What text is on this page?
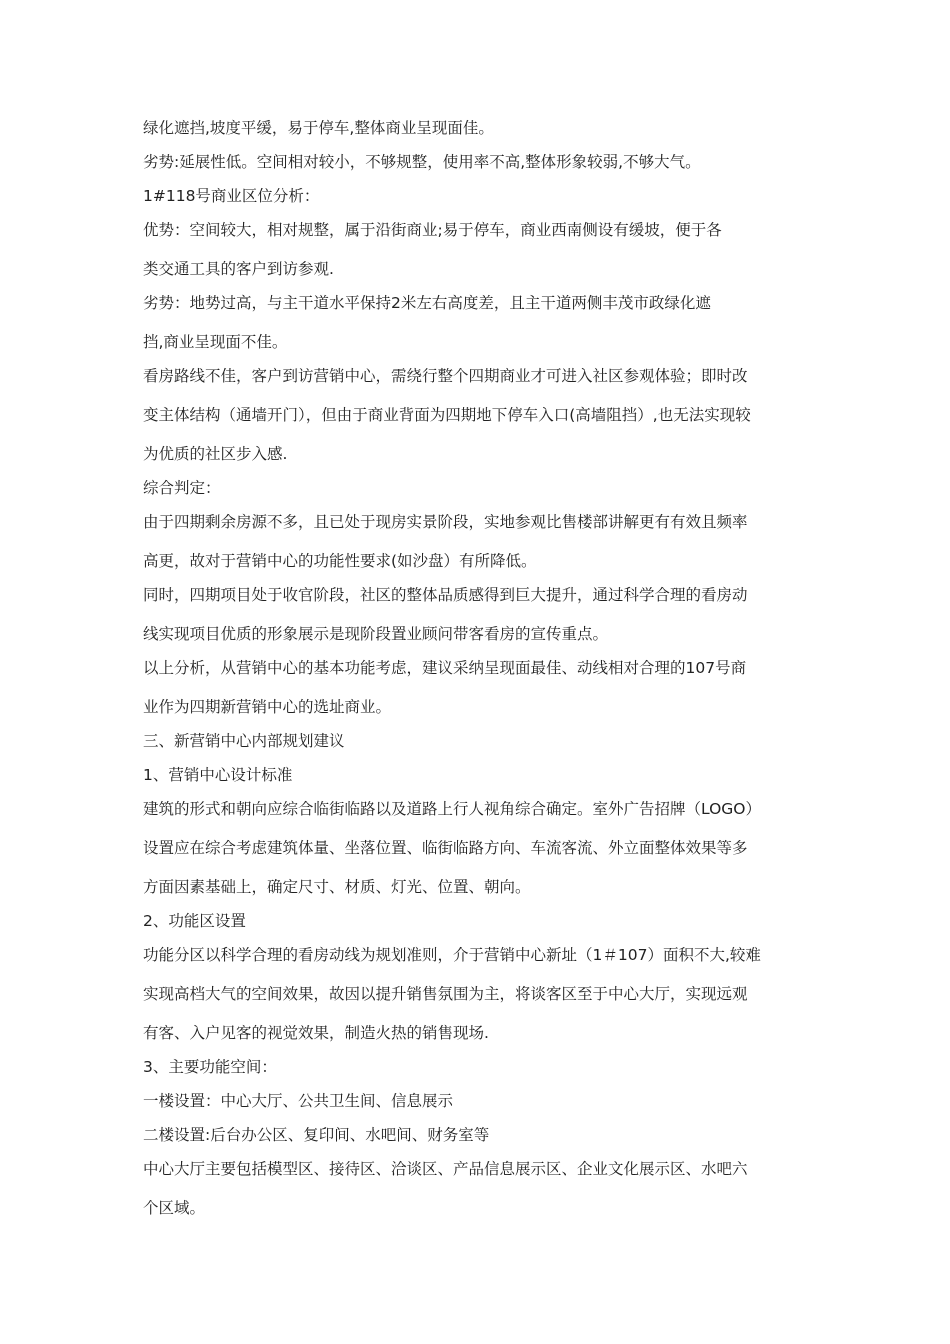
绿化遮挡,坡度平缓，易于停车,整体商业呈现面佳。
劣势:延展性低。空间相对较小，不够规整，使用率不高,整体形象较弱,不够大气。
1#118号商业区位分析：
优势：空间较大，相对规整，属于沿街商业;易于停车，商业西南侧设有缓坡，便于各
类交通工具的客户到访参观.
劣势：地势过高，与主干道水平保持2米左右高度差，且主干道两侧丰茂市政绿化遮
挡,商业呈现面不佳。
看房路线不佳，客户到访营销中心，需绕行整个四期商业才可进入社区参观体验；即时改
变主体结构（通墙开门），但由于商业背面为四期地下停车入口(高墙阻挡）,也无法实现较
为优质的社区步入感.
综合判定：
由于四期剩余房源不多，且已处于现房实景阶段，实地参观比售楼部讲解更有有效且频率
高更，故对于营销中心的功能性要求(如沙盘）有所降低。
同时，四期项目处于收官阶段，社区的整体品质感得到巨大提升，通过科学合理的看房动
线实现项目优质的形象展示是现阶段置业顾问带客看房的宣传重点。
以上分析，从营销中心的基本功能考虑，建议采纳呈现面最佳、动线相对合理的107号商
业作为四期新营销中心的选址商业。
三、新营销中心内部规划建议
1、营销中心设计标准
建筑的形式和朝向应综合临街临路以及道路上行人视角综合确定。室外广告招牌（LOGO）
设置应在综合考虑建筑体量、坐落位置、临街临路方向、车流客流、外立面整体效果等多
方面因素基础上，确定尺寸、材质、灯光、位置、朝向。
2、功能区设置
功能分区以科学合理的看房动线为规划准则，介于营销中心新址（1＃107）面积不大,较难
实现高档大气的空间效果，故因以提升销售氛围为主，将谈客区至于中心大厅，实现远观
有客、入户见客的视觉效果，制造火热的销售现场.
3、主要功能空间：
一楼设置：中心大厅、公共卫生间、信息展示
二楼设置:后台办公区、复印间、水吧间、财务室等
中心大厅主要包括模型区、接待区、洽谈区、产品信息展示区、企业文化展示区、水吧六
个区域。
